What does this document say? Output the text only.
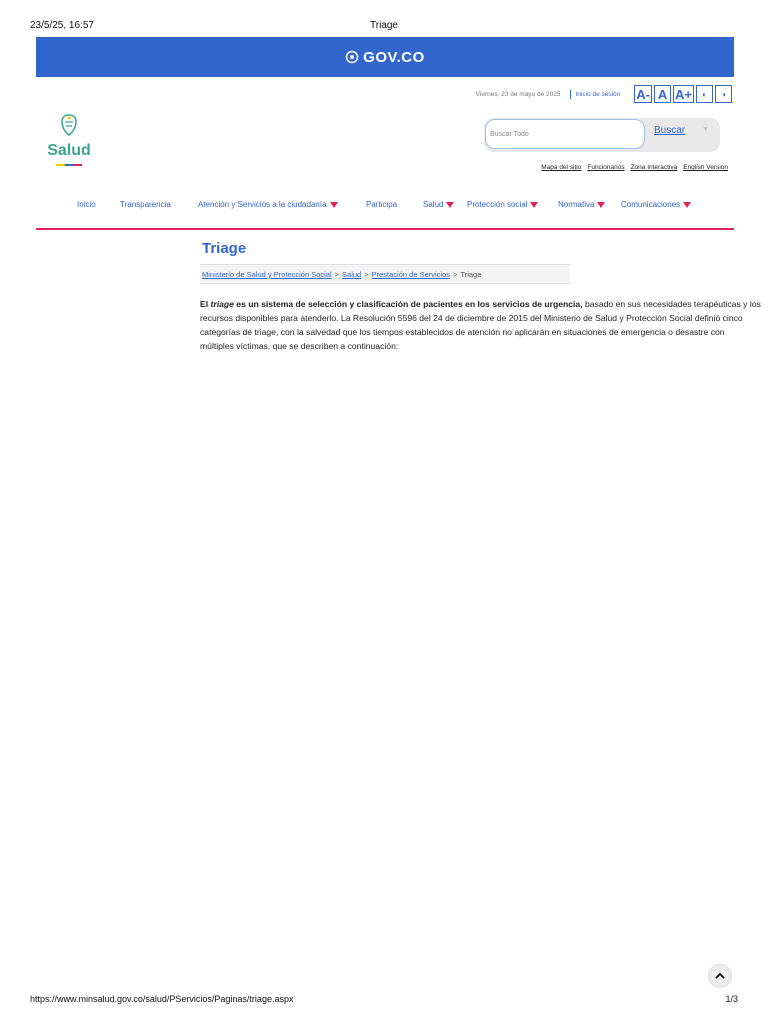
23/5/25, 16:57	Triage
GOV.CO
Viernes, 23 de mayo de 2025 Inicio de sesión A- A A+	◐	◑
Salud
Buscar Todo	Buscar ▼
Mapa del sitio Funcionarios Zona Interactiva English Version
Inicio	Transparencia	Atención y Servicios a la ciudadanía	Participa	Salud	Protección social	Normativa	Comunicaciones
Triage
Ministerio de Salud y Protección Social > Salud > Prestación de Servicios > Triage

El triage es un sistema de selección y clasificación de pacientes en los servicios de urgencia, basado en sus necesidades terapéuticas y los

recursos disponibles para atenderlo. La Resolución 5596 del 24 de diciembre de 2015 del Ministerio de Salud y Protección Social definió cinco

categorías de triage, con la salvedad que los tiempos establecidos de atención no aplicarán en situaciones de emergencia o desastre con

múltiples víctimas, que se describen a continuación:

https://www.minsalud.gov.co/salud/PServicios/Paginas/triage.aspx	1/3
